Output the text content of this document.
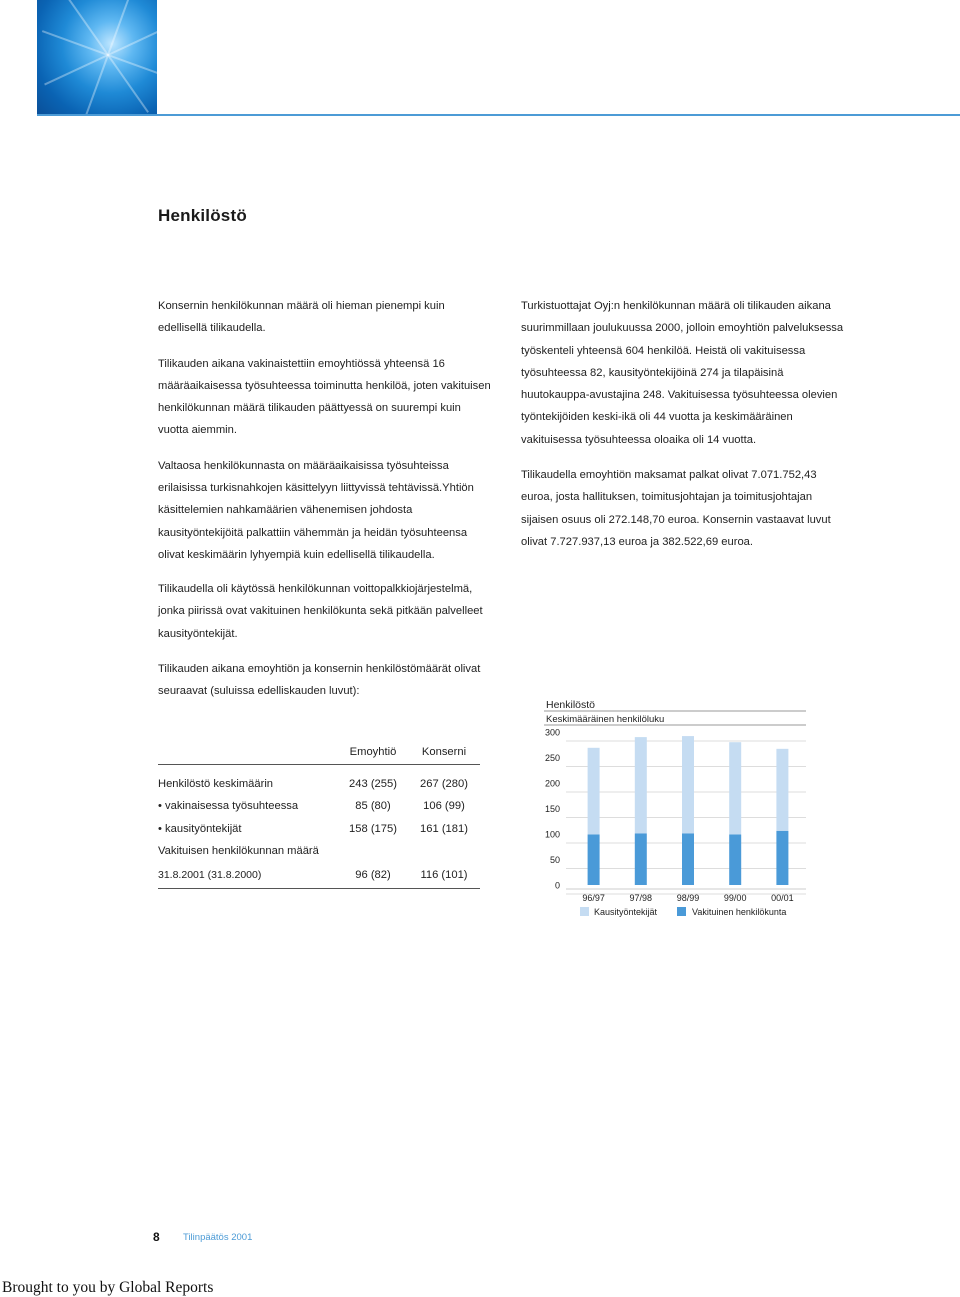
Henkilöstö

Konsernin henkilökunnan määrä oli hieman pienempi kuin edellisellä tilikaudella.

Tilikauden aikana vakinaistettiin emoyhtiössä yhteensä 16 määräaikaisessa työsuhteessa toiminutta henkilöä, joten vakituisen henkilökunnan määrä tilikauden päättyessä on suurempi kuin vuotta aiemmin.

Valtaosa henkilökunnasta on määräaikaisissa työsuhteissa erilaisissa turkisnahkojen käsittelyyn liittyvissä tehtävissä.Yhtiön käsittelemien nahkamäärien vähenemisen johdosta kausityöntekijöitä palkattiin vähemmän ja heidän työsuhteensa olivat keskimäärin lyhyempiä kuin edellisellä tilikaudella.

Tilikaudella oli käytössä henkilökunnan voittopalkkiojärjestelmä, jonka piirissä ovat vakituinen henkilökunta sekä pitkään palvelleet kausityöntekijät.

Tilikauden aikana emoyhtiön ja konsernin henkilöstömäärät olivat seuraavat (suluissa edelliskauden luvut):

Turkistuottajat Oyj:n henkilökunnan määrä oli tilikauden aikana suurimmillaan joulukuussa 2000, jolloin emoyhtiön palveluksessa työskenteli yhteensä 604 henkilöä. Heistä oli vakituisessa työsuhteessa 82, kausityöntekijöinä 274 ja tilapäisinä huutokauppa-avustajina 248. Vakituisessa työsuhteessa olevien työntekijöiden keski-ikä oli 44 vuotta ja keskimääräinen vakituisessa työsuhteessa oloaika oli 14 vuotta.

Tilikaudella emoyhtiön maksamat palkat olivat 7.071.752,43 euroa, josta hallituksen, toimitusjohtajan ja toimitusjohtajan sijaisen osuus oli 272.148,70 euroa. Konsernin vastaavat luvut olivat 7.727.937,13 euroa ja 382.522,69 euroa.

	Emoyhtiö	Konserni

Henkilöstö keskimäärin	243 (255)	267 (280)
• vakinaisessa työsuhteessa	85 (80)	106 (99)
• kausityöntekijät	158 (175)	161 (181)
Vakituisen henkilökunnan määrä		
31.8.2001 (31.8.2000)	96 (82)	116 (101)
Henkilöstö
Keskimääräinen henkilöluku
0
50
100
150
200
250
300
96/97	97/98	98/99	99/00	00/01
Kausityöntekijät	Vakituinen henkilökunta
8 Tilinpäätös 2001
Brought to you by Global Reports
